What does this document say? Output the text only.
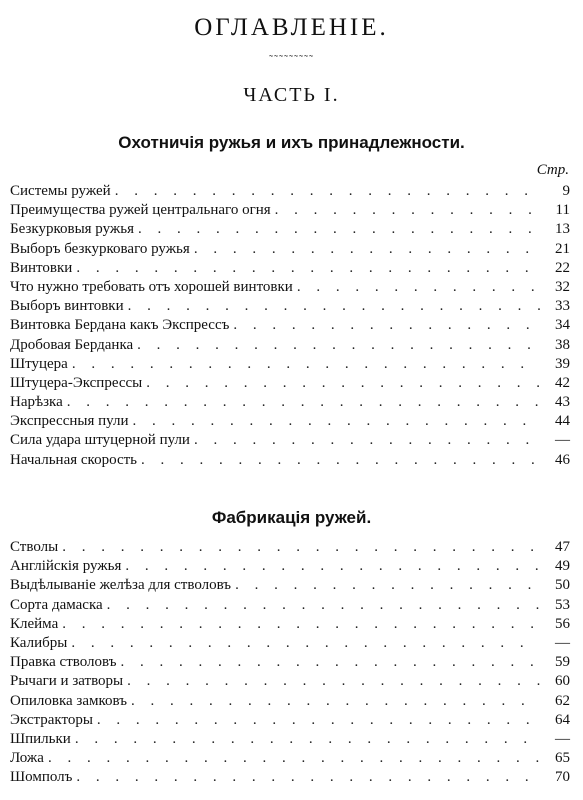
ОГЛАВЛЕНIЕ.
˜˜˜˜˜˜˜˜˜
ЧАСТЬ I.
Охотничiя ружья и ихъ принадлежности.
Стр.
Системы ружей . . .	9
Преимущества ружей центральнаго огня . . .	11
Безкурковыя ружья . . .	13
Выборъ безкурковаго ружья . . .	21
Винтовки . . .	22
Что нужно требовать отъ хорошей винтовки . . .	32
Выборъ винтовки . . .	33
Винтовка Бердана какъ Экспрессъ . . .	34
Дробовая Берданка . . .	38
Штуцера . . .	39
Штуцера-Экспрессы . . .	42
Нарѣзка . . .	43
Экспрессныя пули . . .	44
Сила удара штуцерной пули . . .	—
Начальная скорость . . .	46
Фабрикацiя ружей.
Стволы . . .	47
Англiйскiя ружья . . .	49
Выдѣлываніе желѣза для стволовъ . . .	50
Сорта дамаска . . .	53
Клейма . . .	56
Калибры . . .	—
Правка стволовъ . . .	59
Рычаги и затворы . . .	60
Опиловка замковъ . . .	62
Экстракторы . . .	64
Шпильки . . .	—
Ложа . . .	65
Шомполъ . . .	70
